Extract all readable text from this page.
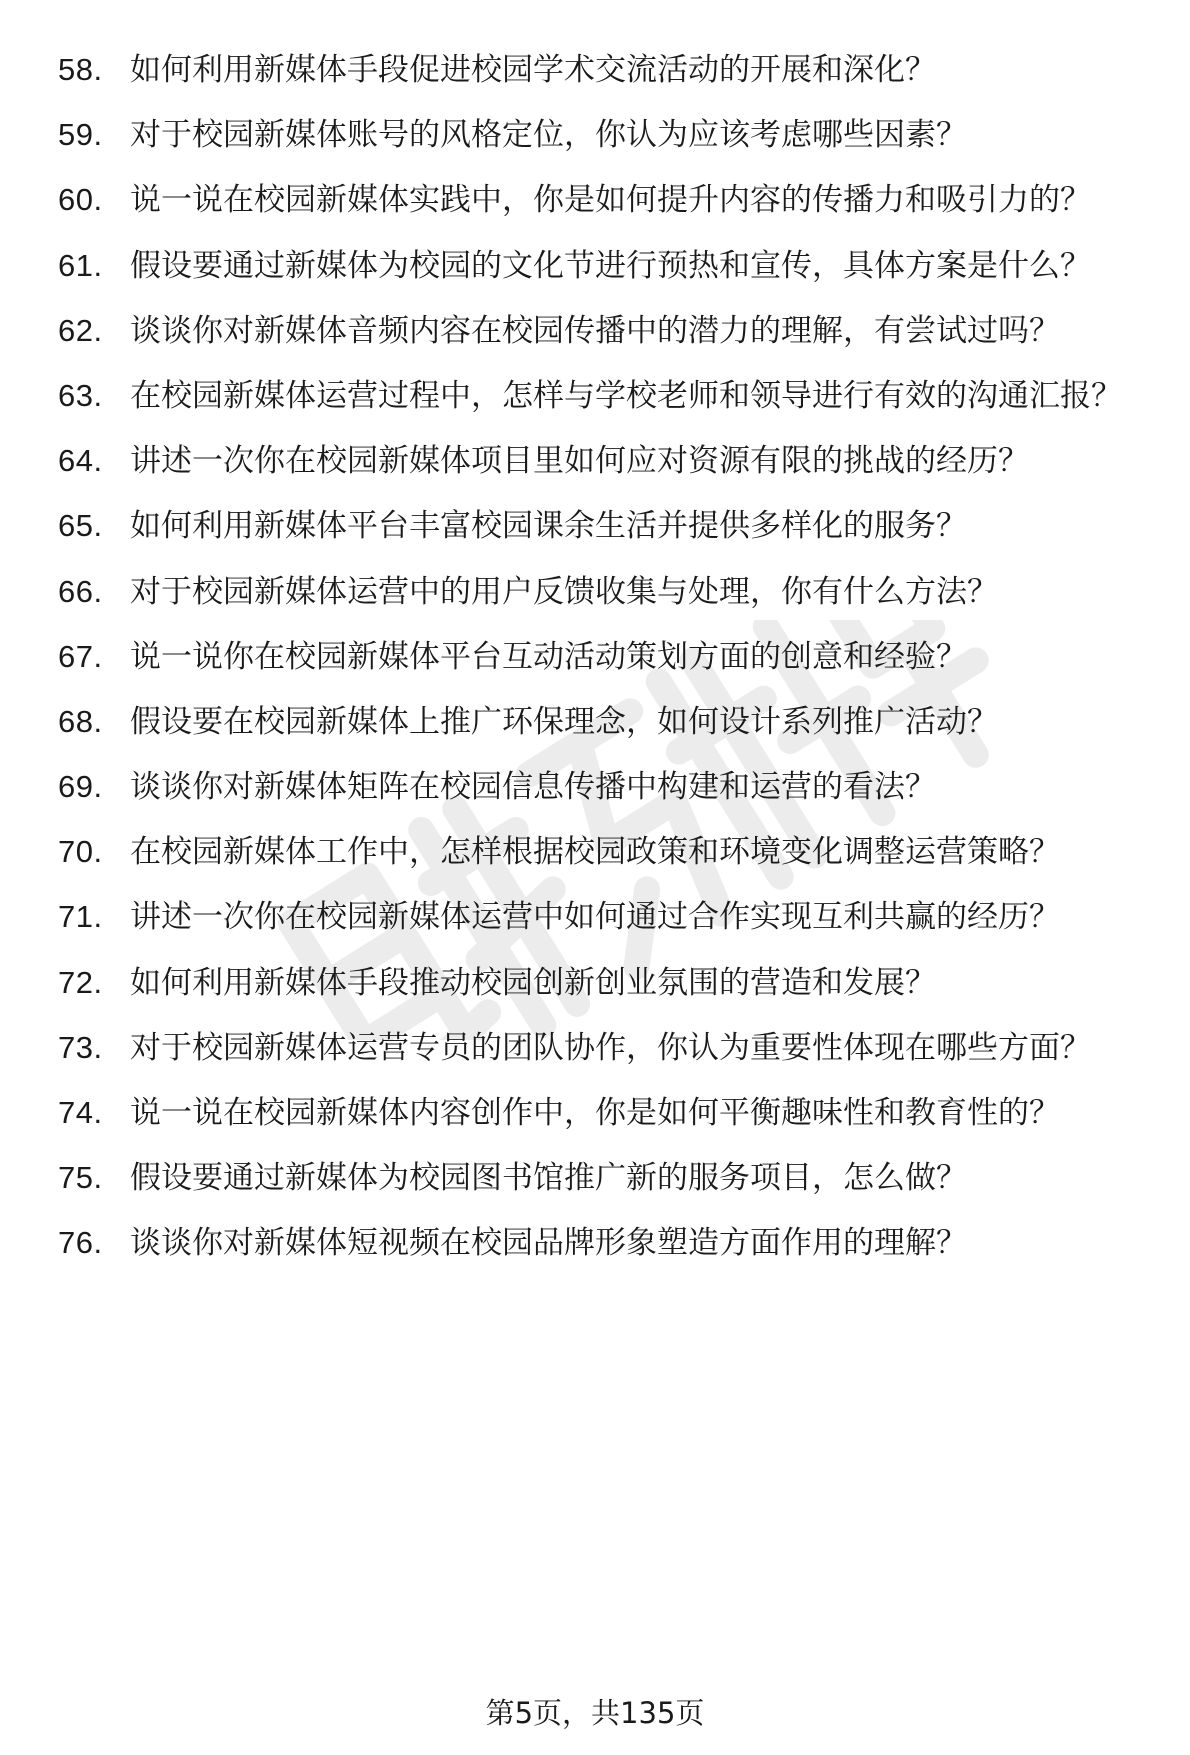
58. 如何利用新媒体手段促进校园学术交流活动的开展和深化？
59. 对于校园新媒体账号的风格定位，你认为应该考虑哪些因素？
60. 说一说在校园新媒体实践中，你是如何提升内容的传播力和吸引力的？
61. 假设要通过新媒体为校园的文化节进行预热和宣传，具体方案是什么？
62. 谈谈你对新媒体音频内容在校园传播中的潜力的理解，有尝试过吗？
63. 在校园新媒体运营过程中，怎样与学校老师和领导进行有效的沟通汇报？
64. 讲述一次你在校园新媒体项目里如何应对资源有限的挑战的经历？
65. 如何利用新媒体平台丰富校园课余生活并提供多样化的服务？
66. 对于校园新媒体运营中的用户反馈收集与处理，你有什么方法？
67. 说一说你在校园新媒体平台互动活动策划方面的创意和经验？
68. 假设要在校园新媒体上推广环保理念，如何设计系列推广活动？
69. 谈谈你对新媒体矩阵在校园信息传播中构建和运营的看法？
70. 在校园新媒体工作中，怎样根据校园政策和环境变化调整运营策略？
71. 讲述一次你在校园新媒体运营中如何通过合作实现互利共赢的经历？
72. 如何利用新媒体手段推动校园创新创业氛围的营造和发展？
73. 对于校园新媒体运营专员的团队协作，你认为重要性体现在哪些方面？
74. 说一说在校园新媒体内容创作中，你是如何平衡趣味性和教育性的？
75. 假设要通过新媒体为校园图书馆推广新的服务项目，怎么做？
76. 谈谈你对新媒体短视频在校园品牌形象塑造方面作用的理解？
第5页，共135页
